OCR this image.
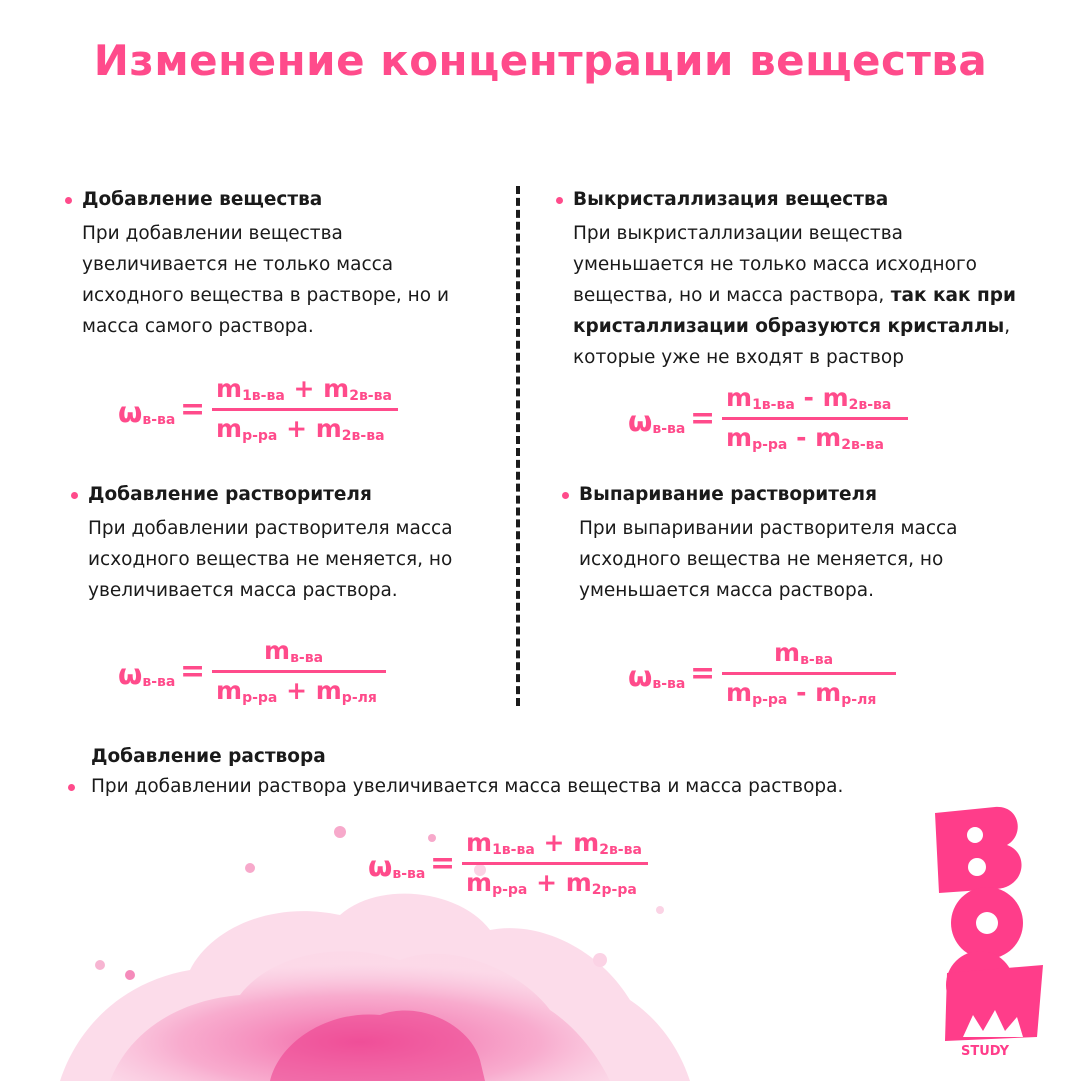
Изменение концентрации вещества
Добавление вещества
При добавлении вещества
увеличивается не только масса
исходного вещества в растворе, но и
масса самого раствора.
Выкристаллизация вещества
При выкристаллизации вещества
уменьшается не только масса исходного
вещества, но и масса раствора, так как при
кристаллизации образуются кристаллы,
которые уже не входят в раствор
Добавление растворителя
При добавлении растворителя масса
исходного вещества не меняется, но
увеличивается масса раствора.
Выпаривание растворителя
При выпаривании растворителя масса
исходного вещества не меняется, но
уменьшается масса раствора.
Добавление раствора
При добавлении раствора увеличивается масса вещества и масса раствора.
$\omega_{в-ва}$ =
$m_{1в-ва} + m_{2в-ва}$
$m_{р-ра} + m_{2в-ва}$	$\omega_{в-ва}$ =
$m_{1в-ва} - m_{2в-ва}$
$m_{р-ра} - m_{2в-ва}$
$\omega_{в-ва}$ =
$m_{в-ва}$
$m_{р-ра} + m_{р-ля}$
$\omega_{в-ва}$ =
$m_{в-ва}$
$m_{р-ра} - m_{р-ля}$
$\omega_{в-ва}$ =
$m_{1в-ва} + m_{2в-ва}$
$m_{р-ра} + m_{2р-ра}$
STUDY
